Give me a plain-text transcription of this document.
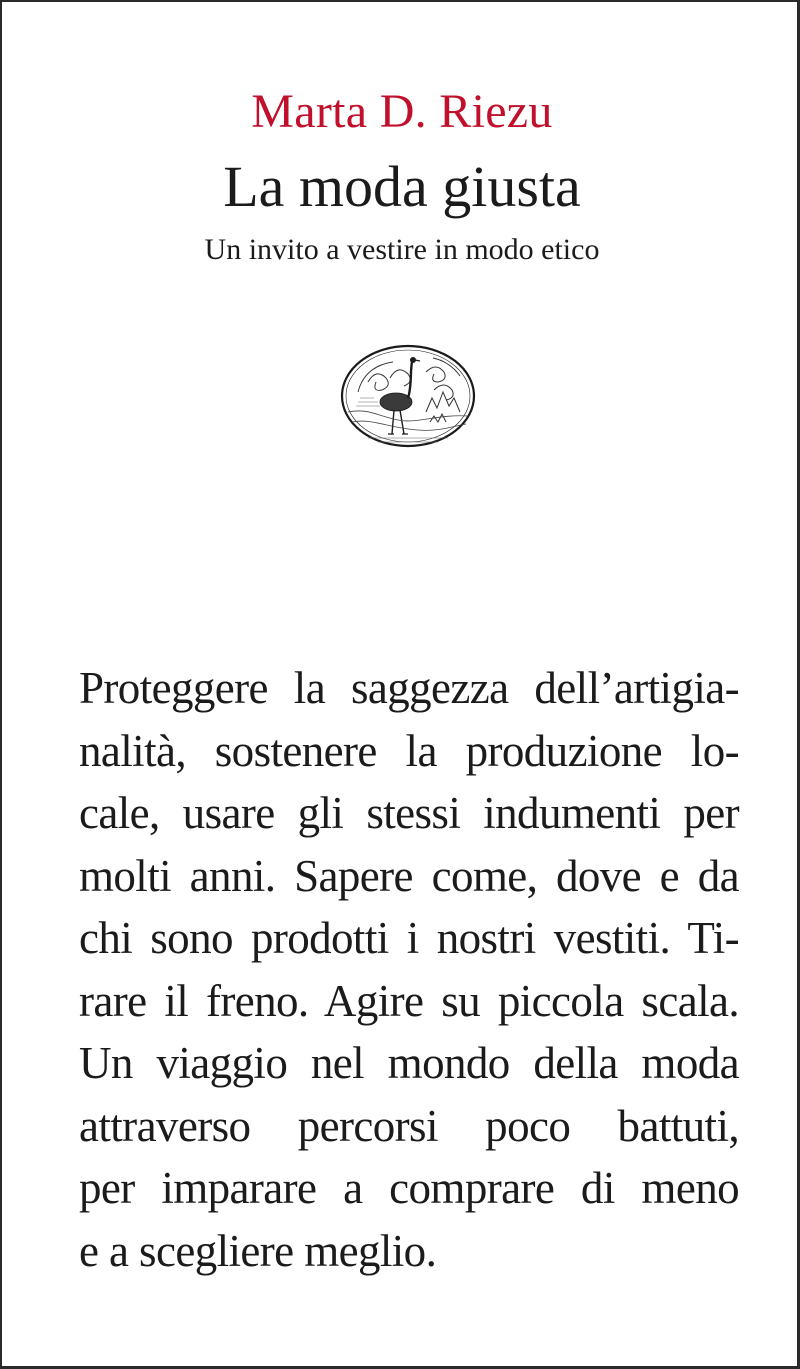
Marta D. Riezu
La moda giusta
Un invito a vestire in modo etico
Proteggere la saggezza dell’artigia-
nalità, sostenere la produzione lo-
cale, usare gli stessi indumenti per
molti anni. Sapere come, dove e da
chi sono prodotti i nostri vestiti. Ti-
rare il freno. Agire su piccola scala.
Un viaggio nel mondo della moda
attraverso percorsi poco battuti,
per imparare a comprare di meno
e a scegliere meglio.
